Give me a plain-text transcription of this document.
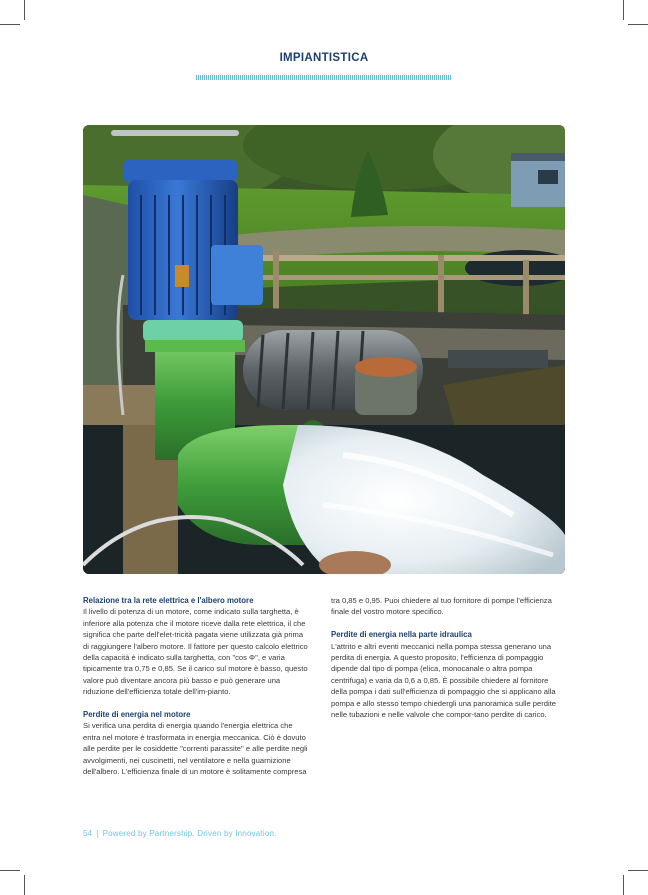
IMPIANTISTICA
Relazione tra la rete elettrica e l'albero motore

Il livello di potenza di un motore, come indicato sulla targhetta, è inferiore alla potenza che il motore riceve dalla rete elettrica, il che significa che parte dell'elet-tricità pagata viene utilizzata già prima di raggiungere l'albero motore. Il fattore per questo calcolo elettrico della capacità è indicato sulla targhetta, con "cos Φ", e varia tipicamente tra 0,75 e 0,85. Se il carico sul motore è basso, questo valore può diventare ancora più basso e può generare una riduzione dell'efficienza totale dell'im-pianto.

Perdite di energia nel motore

Si verifica una perdita di energia quando l'energia elettrica che entra nel motore è trasformata in energia meccanica. Ciò è dovuto alle perdite per le cosiddette "correnti parassite" e alle perdite negli avvolgimenti, nei cuscinetti, nel ventilatore e nella guarnizione dell'albero. L'efficienza finale di un motore è solitamente compresa

tra 0,85 e 0,95. Puoi chiedere al tuo fornitore di pompe l'efficienza finale del vostro motore specifico.

Perdite di energia nella parte idraulica

L'attrito e altri eventi meccanici nella pompa stessa generano una perdita di energia. A questo proposito, l'efficienza di pompaggio dipende dal tipo di pompa (elica, monocanale o altra pompa centrifuga) e varia da 0,6 a 0,85. È possibile chiedere al fornitore della pompa i dati sull'efficienza di pompaggio che si applicano alla pompa e allo stesso tempo chiedergli una panoramica sulle perdite nelle tubazioni e nelle valvole che compor-tano perdite di carico.

54 | Powered by Partnership. Driven by Innovation.
